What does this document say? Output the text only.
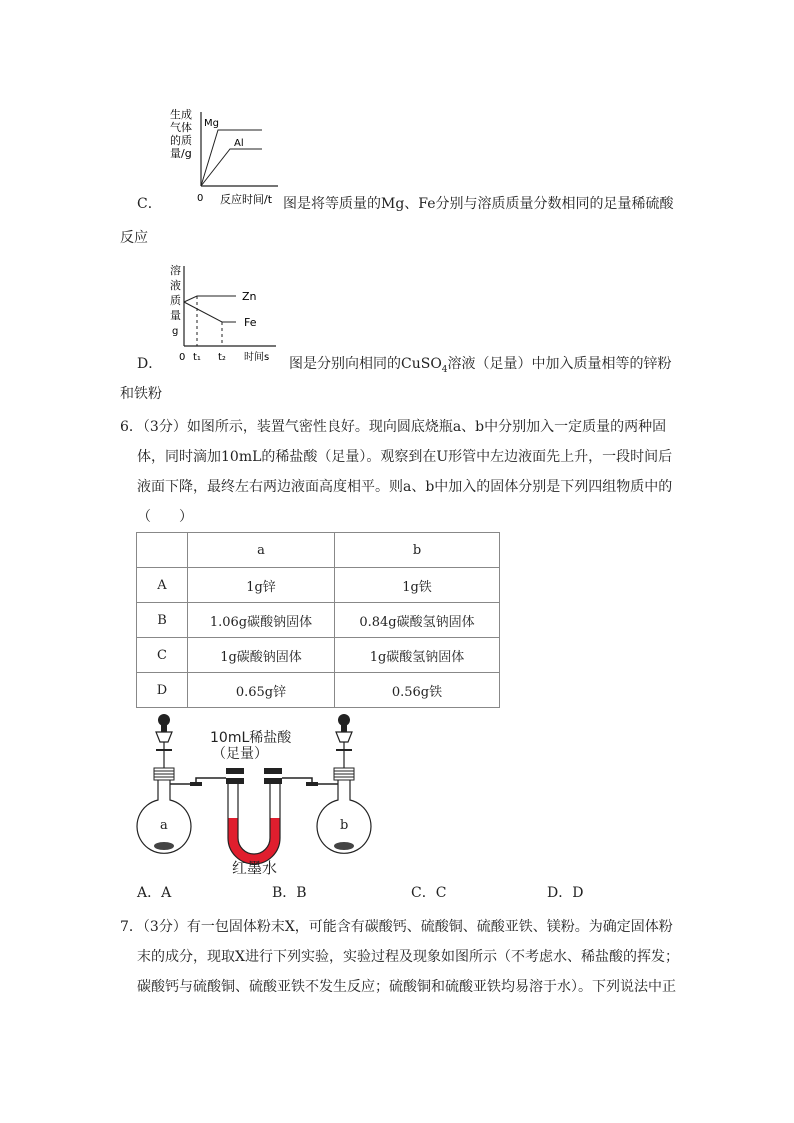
生成
气体
的质
量/g
Mg
Al
0 反应时间/t
C．	图是将等质量的Mg、Fe分别与溶质质量分数相同的足量稀硫酸
反应
溶
液
质
量
g
Zn
Fe
0 t₁ t₂ 时间s
D．	图是分别向相同的CuSO$_4$溶液（足量）中加入质量相等的锌粉
和铁粉
6．（3分）如图所示，装置气密性良好。现向圆底烧瓶a、b中分别加入一定质量的两种固
体，同时滴加10mL的稀盐酸（足量）。观察到在U形管中左边液面先上升，一段时间后
液面下降，最终左右两边液面高度相平。则a、b中加入的固体分别是下列四组物质中的
（　　）
	a	b
A	1g锌	1g铁
B	1.06g碳酸钠固体	0.84g碳酸氢钠固体
C	1g碳酸钠固体	1g碳酸氢钠固体
D	0.65g锌	0.56g铁
10mL稀盐酸
（足量）
a	b
红墨水
A．A	B．B	C．C	D．D
7．（3分）有一包固体粉末X，可能含有碳酸钙、硫酸铜、硫酸亚铁、镁粉。为确定固体粉
末的成分，现取X进行下列实验，实验过程及现象如图所示（不考虑水、稀盐酸的挥发；
碳酸钙与硫酸铜、硫酸亚铁不发生反应；硫酸铜和硫酸亚铁均易溶于水）。下列说法中正
